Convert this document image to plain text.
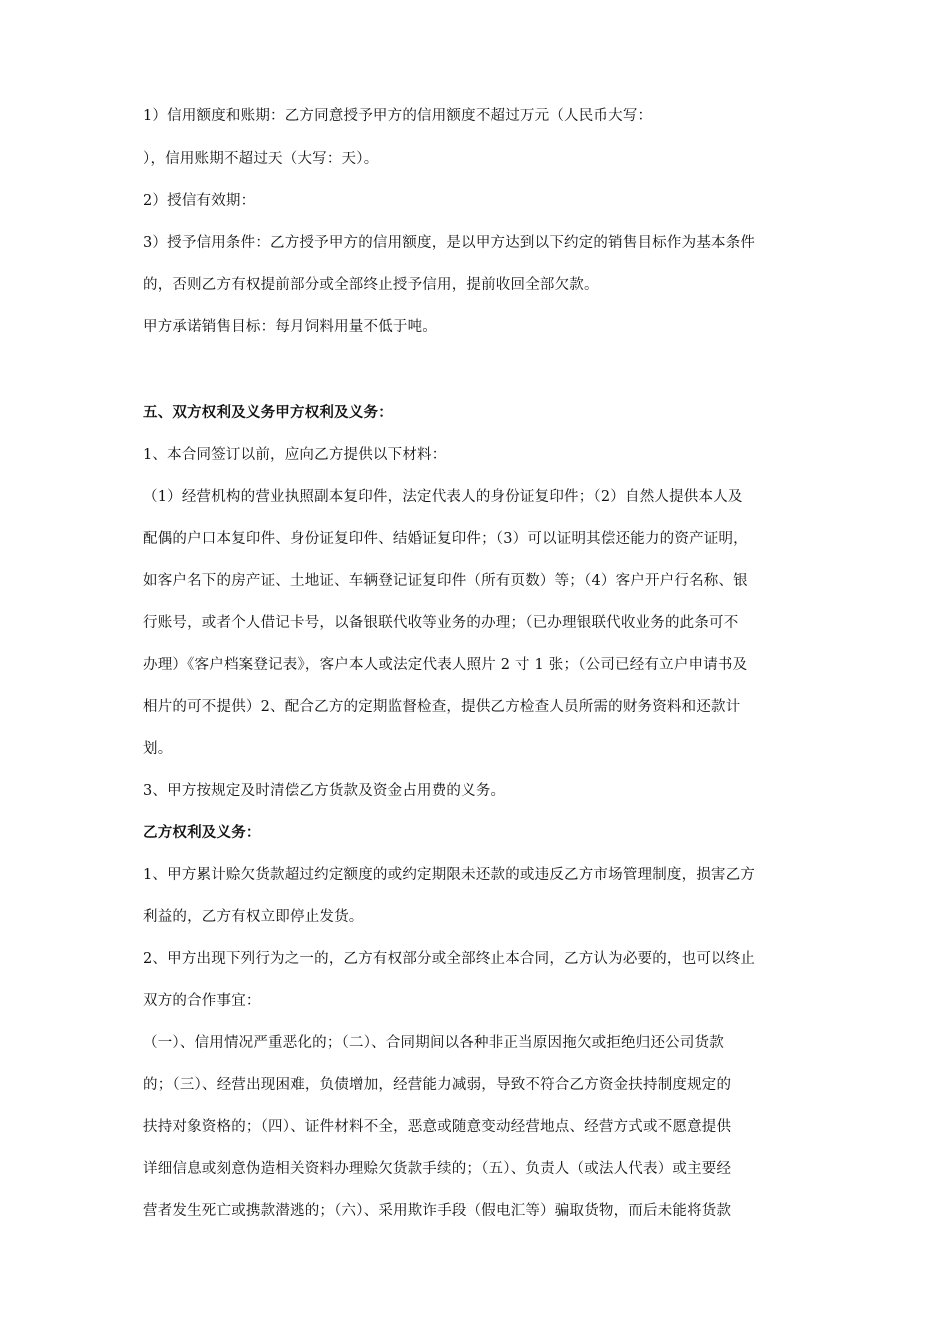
1）信用额度和账期：乙方同意授予甲方的信用额度不超过万元（人民币大写：
），信用账期不超过天（大写：天）。
2）授信有效期：
3）授予信用条件：乙方授予甲方的信用额度，是以甲方达到以下约定的销售目标作为基本条件
的，否则乙方有权提前部分或全部终止授予信用，提前收回全部欠款。
甲方承诺销售目标：每月饲料用量不低于吨。
五、双方权利及义务甲方权利及义务：
1、本合同签订以前，应向乙方提供以下材料：
（1）经营机构的营业执照副本复印件，法定代表人的身份证复印件；（2）自然人提供本人及
配偶的户口本复印件、身份证复印件、结婚证复印件；（3）可以证明其偿还能力的资产证明，
如客户名下的房产证、土地证、车辆登记证复印件（所有页数）等；（4）客户开户行名称、银
行账号，或者个人借记卡号，以备银联代收等业务的办理；（已办理银联代收业务的此条可不
办理）《客户档案登记表》，客户本人或法定代表人照片 2 寸 1 张；（公司已经有立户申请书及
相片的可不提供）2、配合乙方的定期监督检查，提供乙方检查人员所需的财务资料和还款计
划。
3、甲方按规定及时清偿乙方货款及资金占用费的义务。
乙方权利及义务：
1、甲方累计赊欠货款超过约定额度的或约定期限未还款的或违反乙方市场管理制度，损害乙方
利益的，乙方有权立即停止发货。
2、甲方出现下列行为之一的，乙方有权部分或全部终止本合同，乙方认为必要的，也可以终止
双方的合作事宜：
（一）、信用情况严重恶化的；（二）、合同期间以各种非正当原因拖欠或拒绝归还公司货款
的；（三）、经营出现困难，负债增加，经营能力减弱，导致不符合乙方资金扶持制度规定的
扶持对象资格的；（四）、证件材料不全，恶意或随意变动经营地点、经营方式或不愿意提供
详细信息或刻意伪造相关资料办理赊欠货款手续的；（五）、负责人（或法人代表）或主要经
营者发生死亡或携款潜逃的；（六）、采用欺诈手段（假电汇等）骗取货物，而后未能将货款
